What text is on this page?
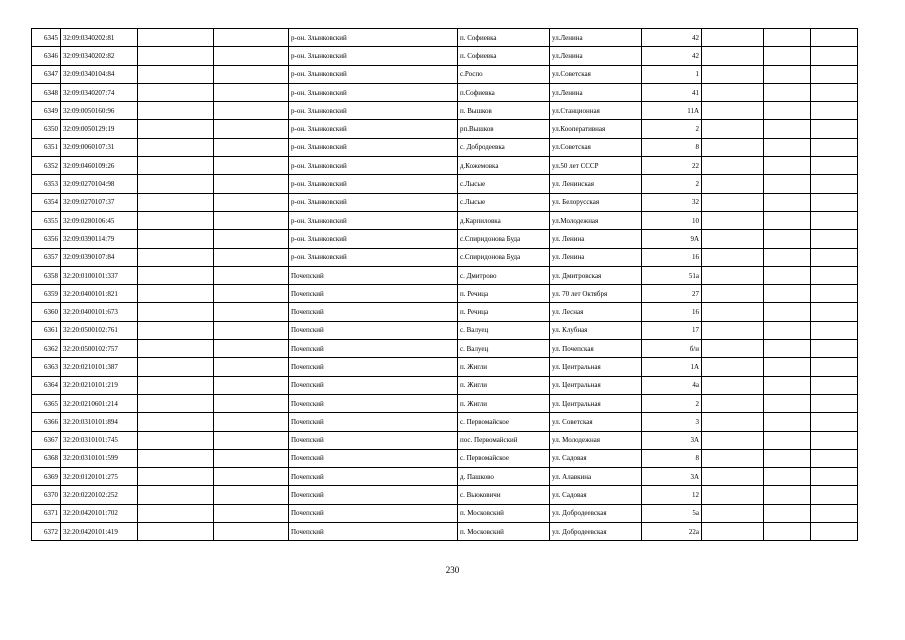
6345	32:09:0340202:81			р-он. Злынковский	п. Софиевка	ул.Ленина	42			
6346	32:09:0340202:82			р-он. Злынковский	п. Софиевка	ул.Ленина	42			
6347	32:09:0340104:84			р-он. Злынковский	с.Роспо	ул.Советская	1			
6348	32:09:0340207:74			р-он. Злынковский	п.Софиевка	ул.Ленина	41			
6349	32:09:0050160:96			р-он. Злынковский	п. Вышков	ул.Станционная	11А			
6350	32:09:0050129:19			р-он. Злынковский	рп.Вышков	ул.Кооперативная	2			
6351	32:09:0060107:31			р-он. Злынковский	с. Добродеевка	ул.Советская	8			
6352	32:09:0460109:26			р-он. Злынковский	д.Кожемовка	ул.50 лет СССР	22			
6353	32:09:0270104:98			р-он. Злынковский	с.Лысые	ул. Ленинская	2			
6354	32:09:0270107:37			р-он. Злынковский	с.Лысые	ул. Белорусская	32			
6355	32:09:0280106:45			р-он. Злынковский	д.Карпиловка	ул.Молодежная	10			
6356	32:09:0390114:79			р-он. Злынковский	с.Спиридонова Буда	ул. Ленина	9А			
6357	32:09:0390107:84			р-он. Злынковский	с.Спиридонова Буда	ул. Ленина	16			
6358	32:20:0100101:337			Почепский	с. Дмитрово	ул. Дмитровская	51а			
6359	32:20:0400101:821			Почепский	п. Речица	ул. 70 лет Октября	27			
6360	32:20:0400101:673			Почепский	п. Речица	ул. Лесная	16			
6361	32:20:0500102:761			Почепский	с. Валуец	ул. Клубная	17			
6362	32:20:0500102:757			Почепский	с. Валуец	ул. Почепская	б/н			
6363	32:20:0210101:387			Почепский	п. Жигли	ул. Центральная	1А			
6364	32:20:0210101:219			Почепский	п. Жигли	ул. Центральная	4а			
6365	32:20:0210601:214			Почепский	п. Жигли	ул. Центральная	2			
6366	32:20:0310101:894			Почепский	с. Первомайское	ул. Советская	3			
6367	32:20:0310101:745			Почепский	пос. Первомайский	ул. Молодежная	3А			
6368	32:20:0310101:599			Почепский	с. Первомайское	ул. Садовая	8			
6369	32:20:0120101:275			Почепский	д. Пашково	ул. Алавкина	3А			
6370	32:20:0220102:252			Почепский	с. Вьюковичи	ул. Садовая	12			
6371	32:20:0420101:702			Почепский	п. Московский	ул. Добродеевская	5а			
6372	32:20:0420101:419			Почепский	п. Московский	ул. Добродеевская	22а			
230
